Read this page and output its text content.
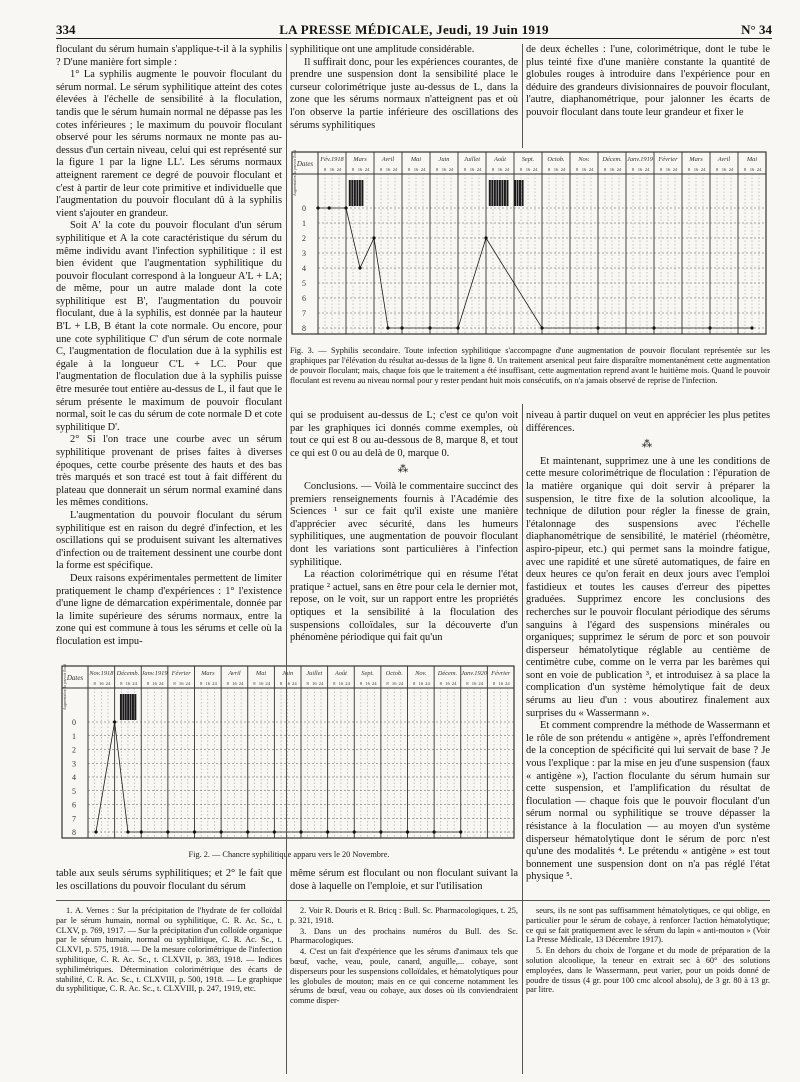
334	LA PRESSE MÉDICALE, Jeudi, 19 Juin 1919	N° 34

floculant du sérum humain s'applique-t-il à la syphilis ? D'une manière fort simple :

1° La syphilis augmente le pouvoir floculant du sérum normal. Le sérum syphilitique atteint des cotes élevées à l'échelle de sensibilité à la floculation, tandis que le sérum humain normal ne dépasse pas les cotes inférieures ; le maximum du pouvoir floculant observé pour les sérums normaux ne monte pas au-dessus d'un certain niveau, celui qui est représenté sur la figure 1 par la ligne LL'. Les sérums normaux atteignent rarement ce degré de pouvoir floculant et c'est à partir de leur cote primitive et individuelle que l'augmentation du pouvoir floculant dû à la syphilis vient s'ajouter en grandeur.

Soit A' la cote du pouvoir floculant d'un sérum syphilitique et A la cote caractéristique du sérum du même individu avant l'infection syphilitique : il est bien évident que l'augmentation syphilitique du pouvoir floculant correspond à la longueur A'L + LA; de même, pour un autre malade dont la cote syphilitique est B', l'augmentation du pouvoir floculant, due à la syphilis, est donnée par la hauteur B'L + LB, B étant la cote normale. Ou encore, pour une cote syphilitique C' d'un sérum de cote normale C, l'augmentation de floculation due à la syphilis est égale à la longueur C'L + LC. Pour que l'augmentation de floculation due à la syphilis puisse être mesurée tout entière au-dessus de L, il faut que le sérum présente le maximum de pouvoir floculant normal, soit le cas du sérum de cote normale D et cote syphilitique D'.

2° Si l'on trace une courbe avec un sérum syphilitique provenant de prises faites à diverses époques, cette courbe présente des hauts et des bas très marqués et son tracé est tout à fait différent du plateau que donnerait un sérum normal examiné dans les mêmes conditions.

L'augmentation du pouvoir floculant du sérum syphilitique est en raison du degré d'infection, et les oscillations qui se produisent suivant les alternatives d'infection ou de traitement dessinent une courbe dont la forme est spécifique.

Deux raisons expérimentales permettent de limiter pratiquement le champ d'expériences : 1° l'existence d'une ligne de démarcation expérimentale, donnée par la limite supérieure des sérums normaux, entre la zone qui est commune à tous les sérums et celle où la floculation est impu-

syphilitique ont une amplitude considérable.

Il suffirait donc, pour les expériences courantes, de prendre une suspension dont la sensibilité place le curseur colorimétrique juste au-dessus de L, dans la zone que les sérums normaux n'atteignent pas et où l'on observe la partie inférieure des oscillations des sérums syphilitiques

de deux échelles : l'une, colorimétrique, dont le tube le plus teinté fixe d'une manière constante la quantité de globules rouges à introduire dans l'expérience pour en déduire des grandeurs divisionnaires de pouvoir floculant, l'autre, diaphanométrique, pour jalonner les écarts de pouvoir floculant dans toute leur grandeur et fixer le

Dates
Fév.1918
8 16 24
Mars
8 16 24
Avril
8 16 24
Mai
8 16 24
Juin
8 16 24
Juillet
8 16 24
Août
8 16 24
Sept.
8 16 24
Octob.
8 16 24
Nov.
8 16 24
Décem.
8 16 24
Janv.1919
8 16 24
Février
8 16 24
Mars
8 16 24
Avril
8 16 24
Mai
8 16 24
0
1
2
3
4
5
6
7
8
Augmentation du pouvoir floculant
Fig. 3. — Syphilis secondaire. Toute infection syphilitique s'accompagne d'une augmentation de pouvoir floculant représentée sur les graphiques par l'élévation du résultat au-dessus de la ligne 8. Un traitement arsenical peut faire disparaître momentanément cette augmentation de pouvoir floculant; mais, chaque fois que le traitement a été insuffisant, cette augmentation reprend avant le huitième mois. Quand le pouvoir floculant est revenu au niveau normal pour y rester pendant huit mois consécutifs, on n'a jamais observé de reprise de l'infection.

qui se produisent au-dessus de L; c'est ce qu'on voit par les graphiques ici donnés comme exemples, où tout ce qui est 8 ou au-dessous de 8, marque 8, et tout ce qui est 0 ou au delà de 0, marque 0.

⁂

Conclusions. — Voilà le commentaire succinct des premiers renseignements fournis à l'Académie des Sciences ¹ sur ce fait qu'il existe une manière d'apprécier avec sécurité, dans les humeurs syphilitiques, une augmentation de pouvoir floculant dont les variations sont particulières à l'infection syphilitique.

La réaction colorimétrique qui en résume l'état pratique ² actuel, sans en être pour cela le dernier mot, repose, on le voit, sur un rapport entre les propriétés optiques et la sensibilité à la floculation des suspensions colloïdales, sur la découverte d'un phénomène périodique qui fait qu'un

niveau à partir duquel on veut en apprécier les plus petites différences.

⁂

Et maintenant, supprimez une à une les conditions de cette mesure colorimétrique de floculation : l'épuration de la matière organique qui doit servir à préparer la suspension, le titre fixe de la solution alcoolique, la technique de dilution pour régler la finesse de grain, l'étalonnage des suspensions avec l'échelle diaphanométrique de sensibilité, le matériel (rhéomètre, aspiro-pipeur, etc.) qui permet sans la moindre fatigue, avec une rapidité et une sûreté automatiques, de faire en deux heures ce qu'on ferait en deux jours avec l'emploi fastidieux et toutes les causes d'erreur des pipettes graduées. Supprimez encore les conclusions des recherches sur le pouvoir floculant périodique des sérums sanguins à l'égard des suspensions minérales ou organiques; supprimez le sérum de porc et son pouvoir disperseur hématolytique réglable au centième de centimètre cube, comme on le verra par les barèmes qui sont en voie de publication ³, et introduisez à sa place la complication d'un système hémolytique fait de deux sérums au lieu d'un : vous aboutirez finalement aux surprises du « Wassermann ».

Et comment comprendre la méthode de Wassermann et le rôle de son prétendu « antigène », après l'effondrement de la conception de spécificité qui lui servait de base ? Je vous l'explique : par la mise en jeu d'une suspension (faux « antigène »), l'action floculante du sérum humain sur cette suspension, et l'amplification du résultat de floculation — chaque fois que le pouvoir floculant d'un sérum normal ou syphilitique se trouve dépasser la résistance à la floculation — au moyen d'un système disperseur hématolytique dont le sérum de porc n'est qu'une des modalités ⁴. Le prétendu « antigène » est tout bonnement une suspension dont on n'a pas réglé l'état physique ⁵.

Dates
Nov.1918
8 16 24
Décemb.
8 16 24
Janv.1919
8 16 24
Février
8 16 24
Mars
8 16 24
Avril
8 16 24
Mai
8 16 24
Juin
8 16 24
Juillet
8 16 24
Août
8 16 24
Sept.
8 16 24
Octob.
8 16 24
Nov.
8 16 24
Décem.
8 16 24
Janv.1920
8 16 24
Février
8 16 24
0
1
2
3
4
5
6
7
8
Augmentation du pouvoir floculant
Fig. 2. — Chancre syphilitique apparu vers le 20 Novembre.

table aux seuls sérums syphilitiques; et 2° le fait que les oscillations du pouvoir floculant du sérum

même sérum est floculant ou non floculant suivant la dose à laquelle on l'emploie, et sur l'utilisation

1. A. Vernes : Sur la précipitation de l'hydrate de fer colloïdal par le sérum humain, normal ou syphilitique, C. R. Ac. Sc., t. CLXV, p. 769, 1917. — Sur la précipitation d'un colloïde organique par le sérum humain, normal ou syphilitique, C. R. Ac. Sc., t. CLXVI, p. 575, 1918. — De la mesure colorimétrique de l'infection syphilitique, C. R. Ac. Sc., t. CLXVII, p. 383, 1918. — Indices syphilimétriques. Détermination colorimétrique des écarts de stabilité, C. R. Ac. Sc., t. CLXVIII, p. 500, 1918. — Le graphique du syphilitique, C. R. Ac. Sc., t. CLXVIII, p. 247, 1919, etc.

2. Voir R. Douris et R. Bricq : Bull. Sc. Pharmacologiques, t. 25, p. 321, 1918.

3. Dans un des prochains numéros du Bull. des Sc. Pharmacologiques.

4. C'est un fait d'expérience que les sérums d'animaux tels que bœuf, vache, veau, poule, canard, anguille,... cobaye, sont disperseurs pour les suspensions colloïdales, et hématolytiques pour les globules de mouton; mais en ce qui concerne notamment les sérums de bœuf, veau ou cobaye, aux doses où ils conviendraient comme disper-

seurs, ils ne sont pas suffisamment hématolytiques, ce qui oblige, en particulier pour le sérum de cobaye, à renforcer l'action hématolytique; ce qui se fait pratiquement avec le sérum du lapin « anti-mouton » (Voir La Presse Médicale, 13 Décembre 1917).

5. En dehors du choix de l'organe et du mode de préparation de la solution alcoolique, la teneur en extrait sec à 60° des solutions employées, dans le Wassermann, peut varier, pour un poids donné de poudre de tissus (4 gr. pour 100 cmc alcool absolu), de 3 gr. 80 à 13 gr. par litre.
